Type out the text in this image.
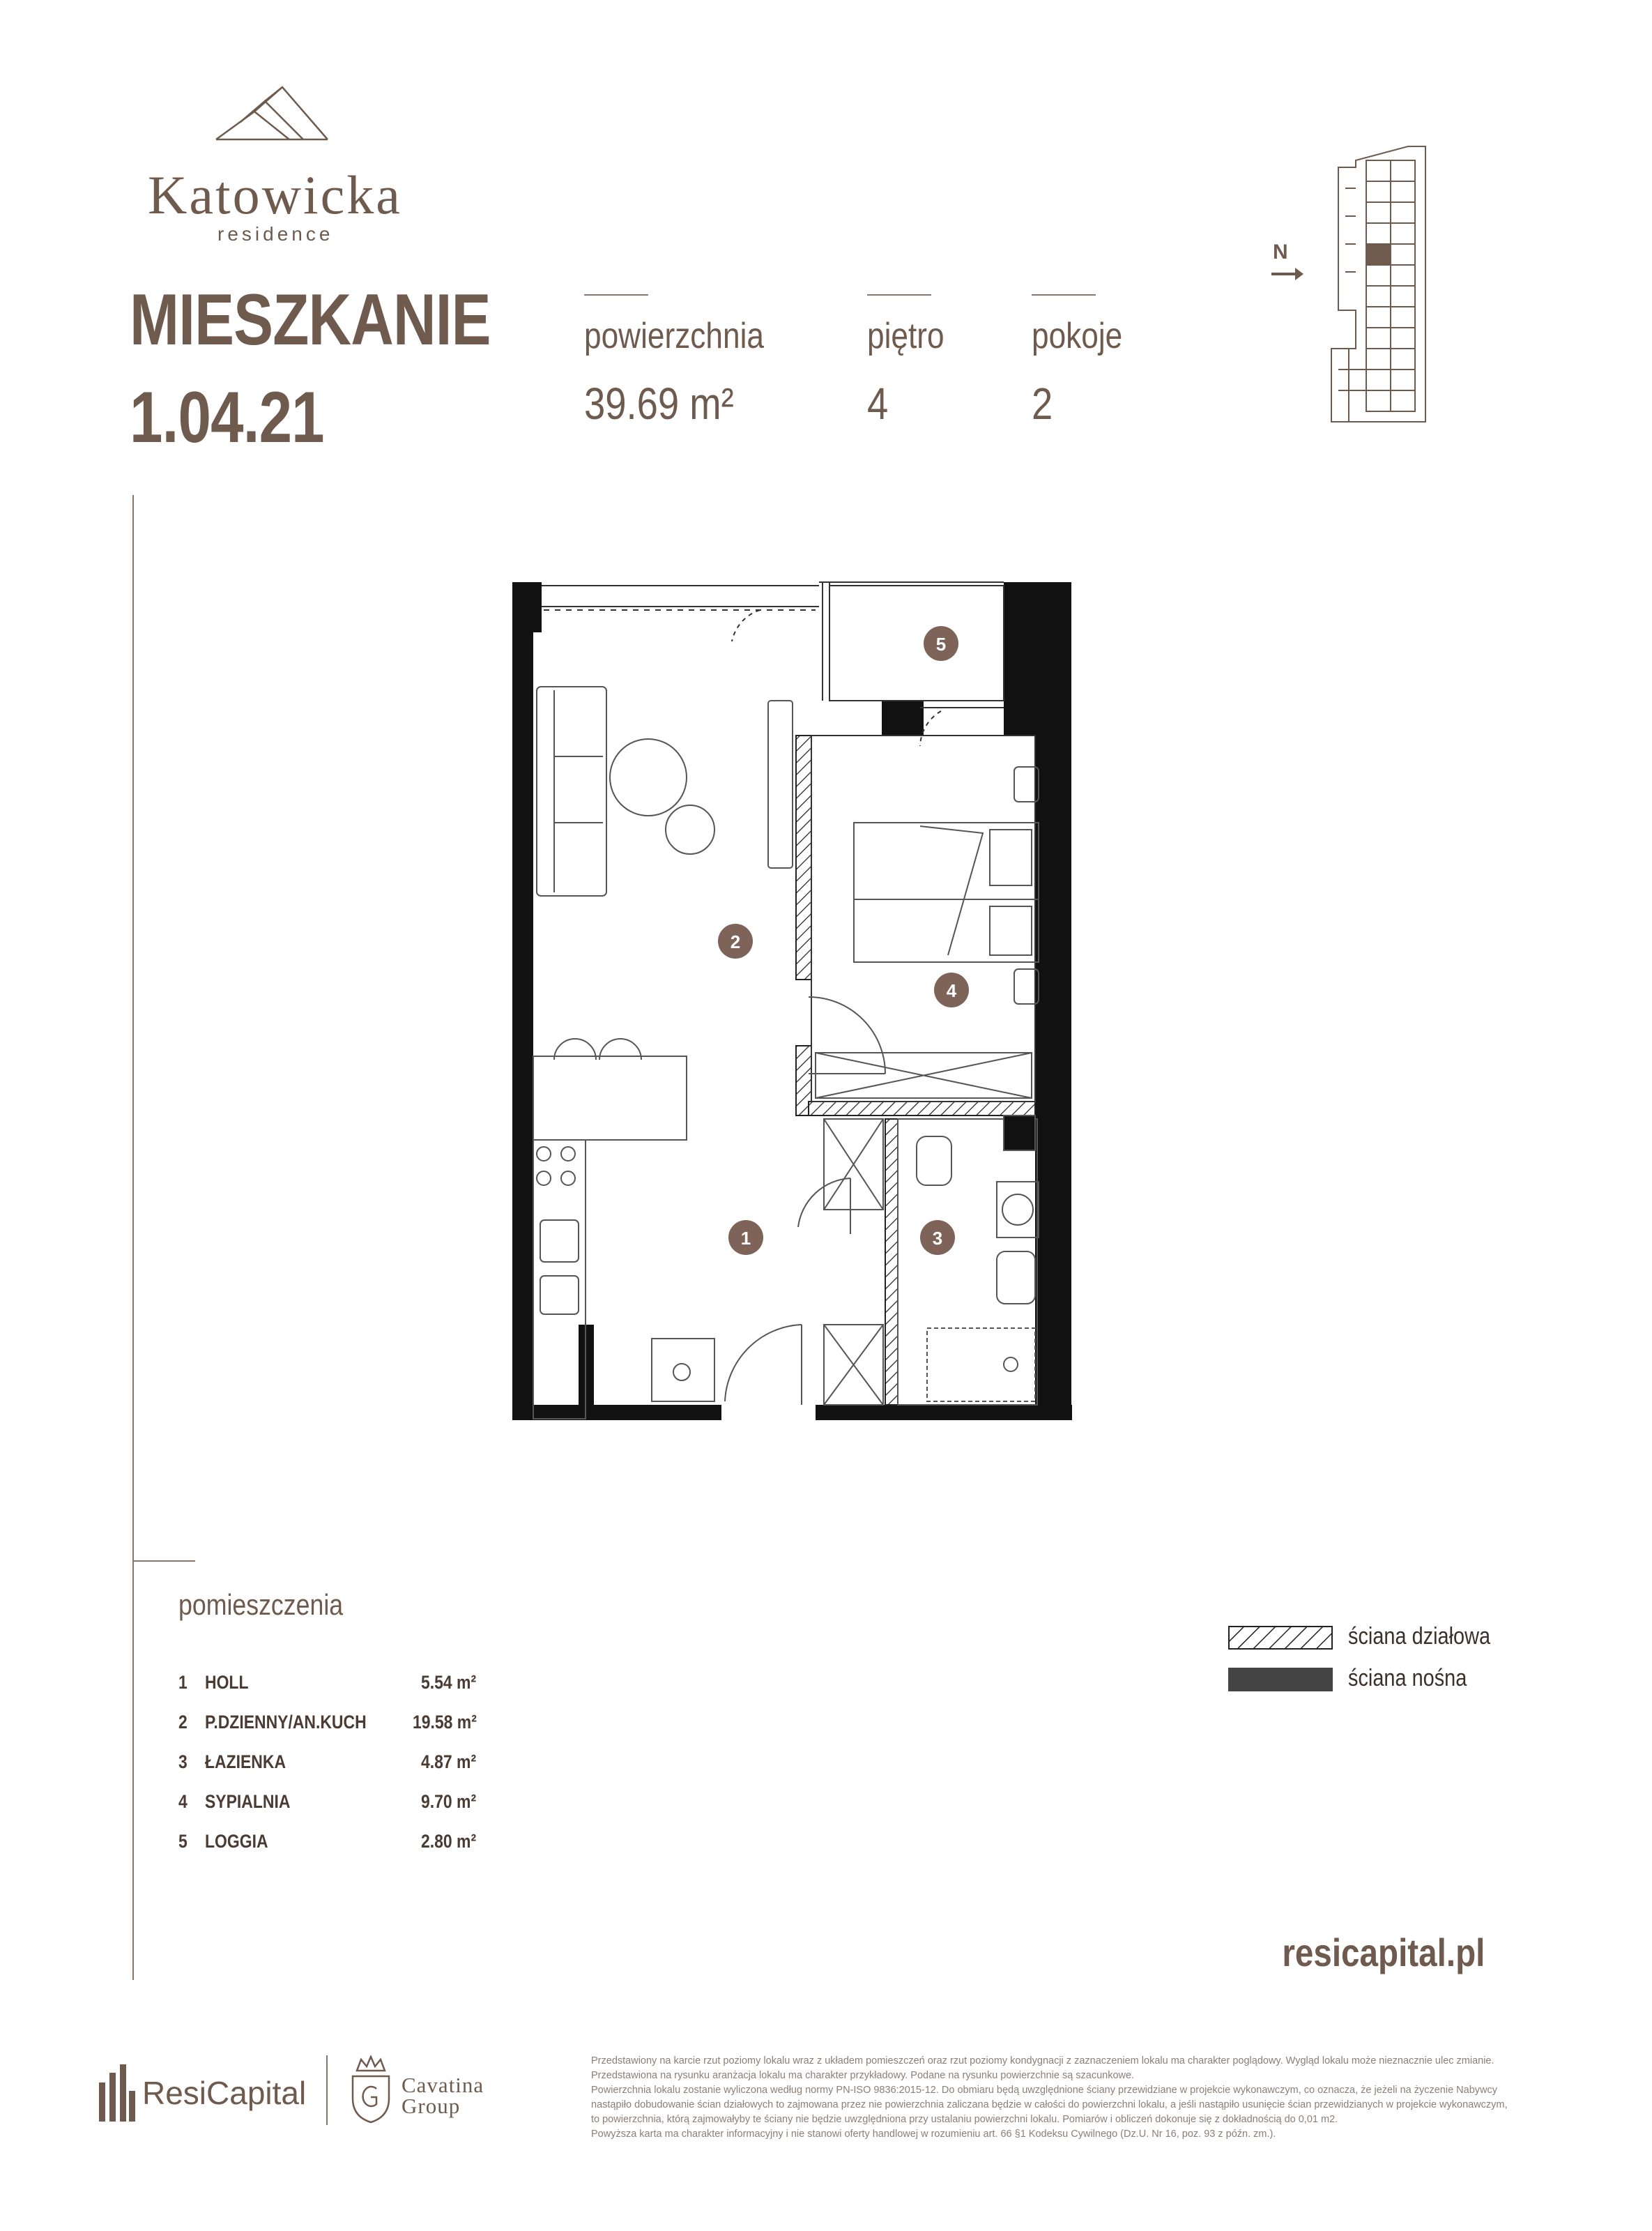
Katowicka
residence
MIESZKANIE
1.04.21
powierzchnia
39.69 m²
piętro
4
pokoje
2
N
2
5
4
1	3
pomieszczenia
1 HOLL	5.54 m²
2 P.DZIENNY/AN.KUCH 19.58 m²
3 ŁAZIENKA	4.87 m²
4 SYPIALNIA	9.70 m²
5 LOGGIA	2.80 m²
ściana działowa
ściana nośna
resicapital.pl
ResiCapital	Cavatina
Group
Przedstawiony na karcie rzut poziomy lokalu wraz z układem pomieszczeń oraz rzut poziomy kondygnacji z zaznaczeniem lokalu ma charakter poglądowy. Wygląd lokalu może nieznacznie ulec zmianie.
Przedstawiona na rysunku aranżacja lokalu ma charakter przykładowy. Podane na rysunku powierzchnie są szacunkowe.
Powierzchnia lokalu zostanie wyliczona według normy PN-ISO 9836:2015-12. Do obmiaru będą uwzględnione ściany przewidziane w projekcie wykonawczym, co oznacza, że jeżeli na życzenie Nabywcy nastąpiło dobudowanie ścian działowych to zajmowana przez nie powierzchnia zaliczana będzie w całości do powierzchni lokalu, a jeśli nastąpiło usunięcie ścian przewidzianych w projekcie wykonawczym, to powierzchnia, którą zajmowałyby te ściany nie będzie uwzględniona przy ustalaniu powierzchni lokalu. Pomiarów i obliczeń dokonuje się z dokładnością do 0,01 m2.
Powyższa karta ma charakter informacyjny i nie stanowi oferty handlowej w rozumieniu art. 66 §1 Kodeksu Cywilnego (Dz.U. Nr 16, poz. 93 z późn. zm.).
